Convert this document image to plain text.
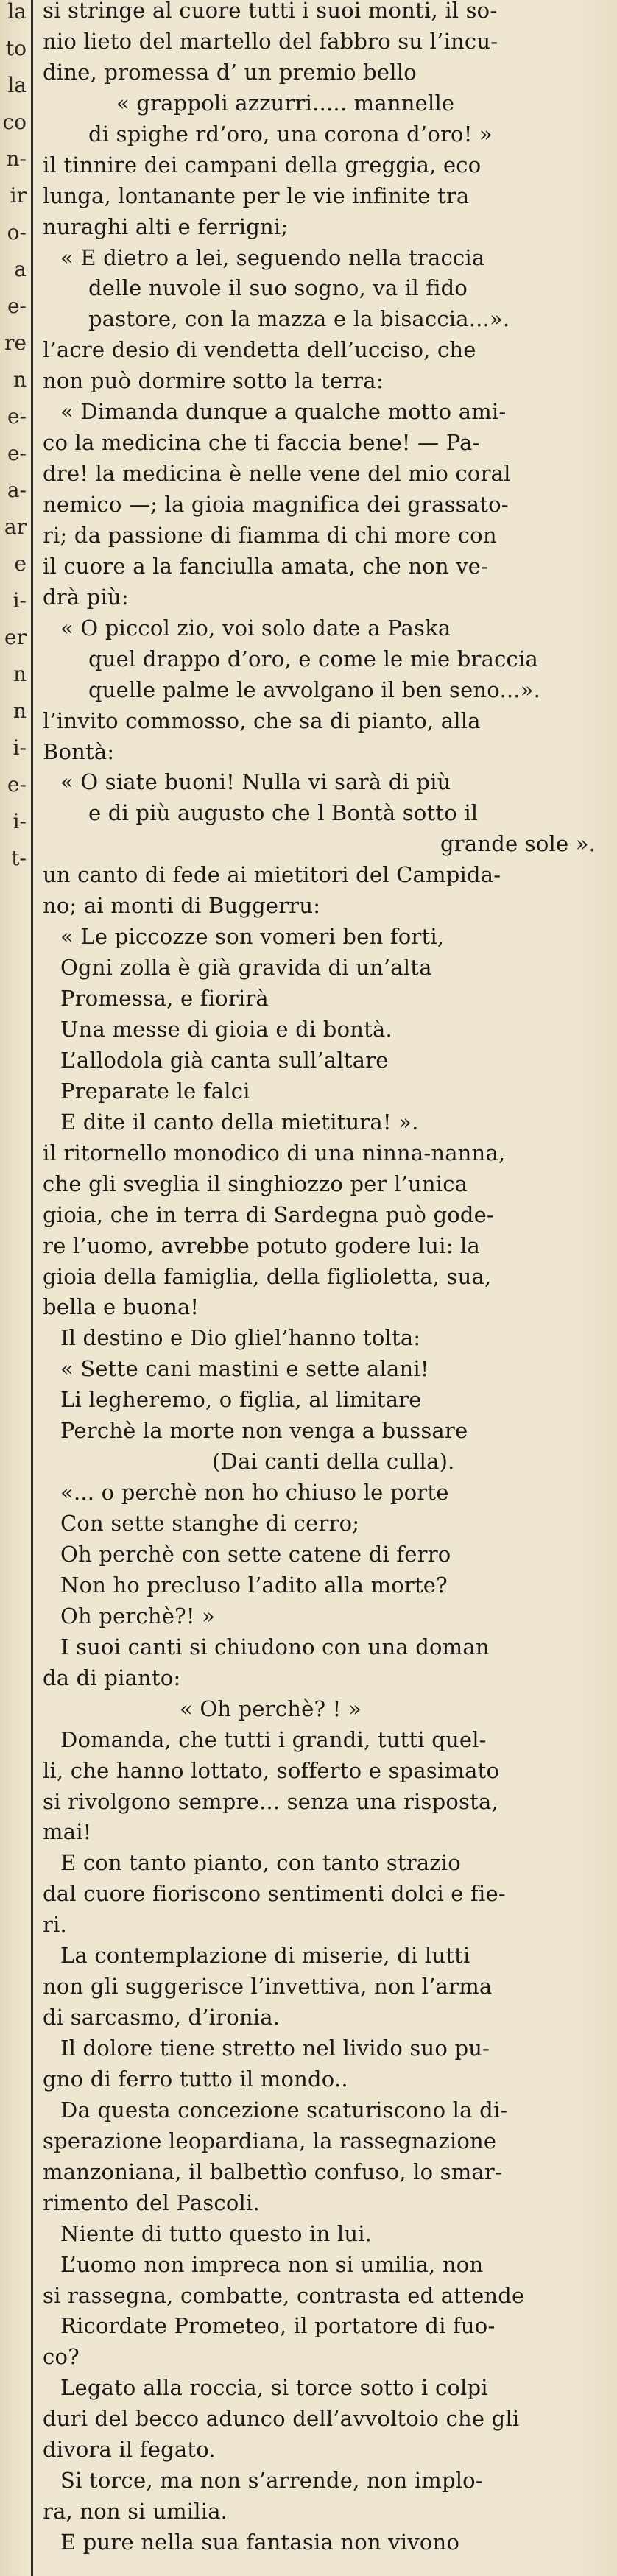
la
to
la
co
n-
ir
o-
a
e-
re
n
e-
e-
a-
ar
e
i-
er
n
n
i-
e-
i-
t-
si stringe al cuore tutti i suoi monti, il so-
nio lieto del martello del fabbro su l’incu-
dine, promessa d’ un premio bello
« grappoli azzurri..... mannelle
di spighe rd’oro, una corona d’oro! »
il tinnire dei campani della greggia, eco
lunga, lontanante per le vie infinite tra
nuraghi alti e ferrigni;
« E dietro a lei, seguendo nella traccia
delle nuvole il suo sogno, va il fido
pastore, con la mazza e la bisaccia...».
l’acre desio di vendetta dell’ucciso, che
non può dormire sotto la terra:
« Dimanda dunque a qualche motto ami-
co la medicina che ti faccia bene! — Pa-
dre! la medicina è nelle vene del mio coral
nemico —; la gioia magnifica dei grassato-
ri; da passione di fiamma di chi more con
il cuore a la fanciulla amata, che non ve-
drà più:
« O piccol zio, voi solo date a Paska
quel drappo d’oro, e come le mie braccia
quelle palme le avvolgano il ben seno...».
l’invito commosso, che sa di pianto, alla
Bontà:
« O siate buoni! Nulla vi sarà di più
e di più augusto che l Bontà sotto il
grande sole ».
un canto di fede ai mietitori del Campida-
no; ai monti di Buggerru:
« Le piccozze son vomeri ben forti,
Ogni zolla è già gravida di un’alta
Promessa, e fiorirà
Una messe di gioia e di bontà.
L’allodola già canta sull’altare
Preparate le falci
E dite il canto della mietitura! ».
il ritornello monodico di una ninna-nanna,
che gli sveglia il singhiozzo per l’unica
gioia, che in terra di Sardegna può gode-
re l’uomo, avrebbe potuto godere lui: la
gioia della famiglia, della figlioletta, sua,
bella e buona!
Il destino e Dio gliel’hanno tolta:
« Sette cani mastini e sette alani!
Li legheremo, o figlia, al limitare
Perchè la morte non venga a bussare
(Dai canti della culla).
«... o perchè non ho chiuso le porte
Con sette stanghe di cerro;
Oh perchè con sette catene di ferro
Non ho precluso l’adito alla morte?
Oh perchè?! »
I suoi canti si chiudono con una doman
da di pianto:
« Oh perchè? ! »
Domanda, che tutti i grandi, tutti quel-
li, che hanno lottato, sofferto e spasimato
si rivolgono sempre... senza una risposta,
mai!
E con tanto pianto, con tanto strazio
dal cuore fioriscono sentimenti dolci e fie-
ri.
La contemplazione di miserie, di lutti
non gli suggerisce l’invettiva, non l’arma
di sarcasmo, d’ironia.
Il dolore tiene stretto nel livido suo pu-
gno di ferro tutto il mondo..
Da questa concezione scaturiscono la di-
sperazione leopardiana, la rassegnazione
manzoniana, il balbettìo confuso, lo smar-
rimento del Pascoli.
Niente di tutto questo in lui.
L’uomo non impreca non si umilia, non
si rassegna, combatte, contrasta ed attende
Ricordate Prometeo, il portatore di fuo-
co?
Legato alla roccia, si torce sotto i colpi
duri del becco adunco dell’avvoltoio che gli
divora il fegato.
Si torce, ma non s’arrende, non implo-
ra, non si umilia.
E pure nella sua fantasia non vivono
